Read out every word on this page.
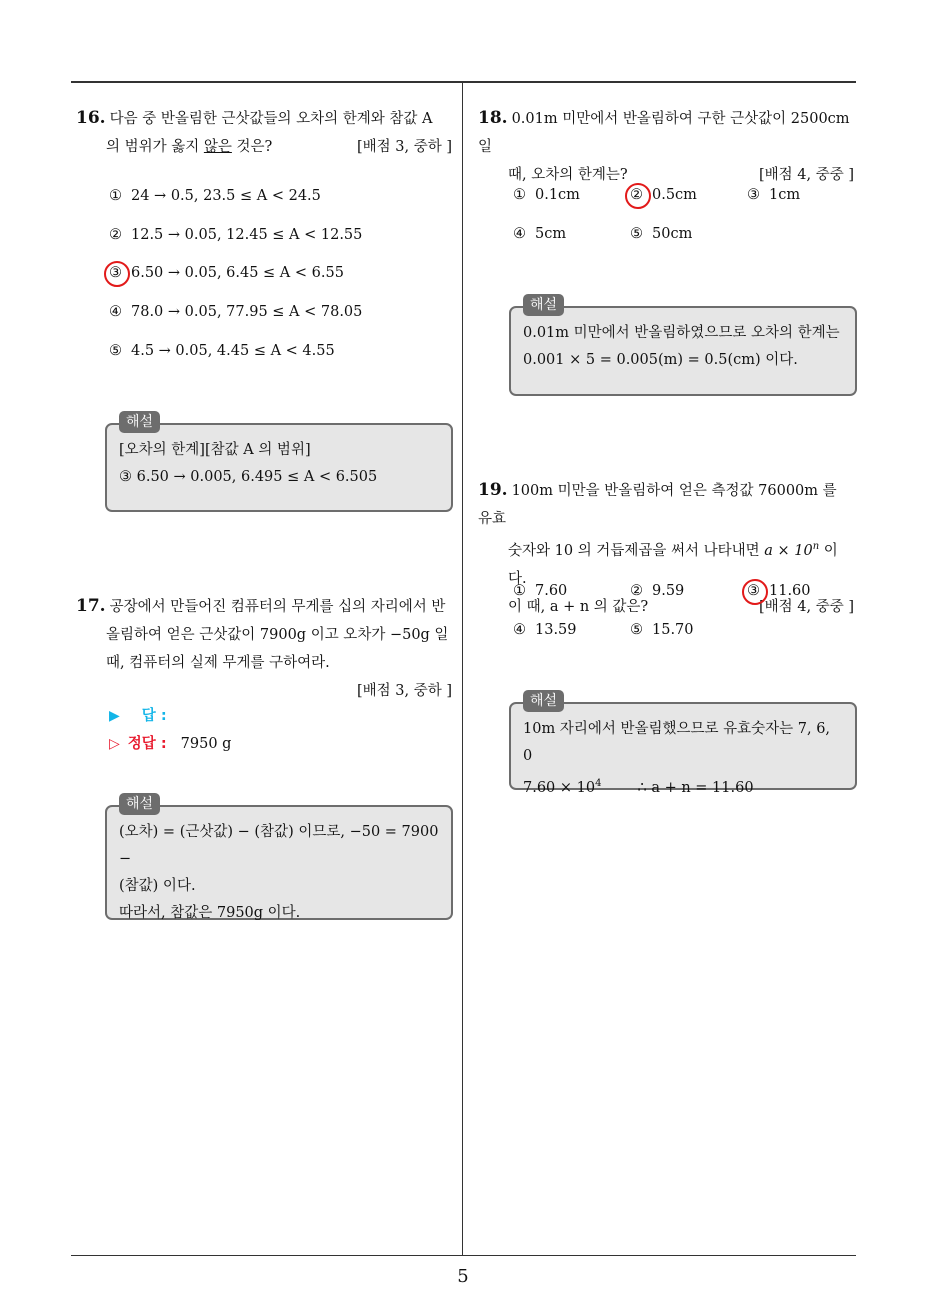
16. 다음 중 반올림한 근삿값들의 오차의 한계와 참값 A
의 범위가 옳지 않은 것은?	[배점 3, 중하 ]
① 24 → 0.5, 23.5 ≤ A < 24.5
② 12.5 → 0.05, 12.45 ≤ A < 12.55
③ 6.50 → 0.05, 6.45 ≤ A < 6.55
④ 78.0 → 0.05, 77.95 ≤ A < 78.05
⑤ 4.5 → 0.05, 4.45 ≤ A < 4.55
해설
[오차의 한계][참값 A 의 범위]
③ 6.50 → 0.005, 6.495 ≤ A < 6.505
17. 공장에서 만들어진 컴퓨터의 무게를 십의 자리에서 반
올림하여 얻은 근삿값이 7900g 이고 오차가 −50g 일
때, 컴퓨터의 실제 무게를 구하여라.
[배점 3, 중하 ]
▶ 답 :
▷ 정답 : 7950 g
해설
(오차) = (근삿값) − (참값) 이므로, −50 = 7900 −
(참값) 이다.
따라서, 참값은 7950g 이다.
18. 0.01m 미만에서 반올림하여 구한 근삿값이 2500cm 일
때, 오차의 한계는?	[배점 4, 중중 ]
① 0.1cm	② 0.5cm	③ 1cm
④ 5cm	⑤ 50cm
해설
0.01m 미만에서 반올림하였으므로 오차의 한계는
0.001 × 5 = 0.005(m) = 0.5(cm) 이다.
19. 100m 미만을 반올림하여 얻은 측정값 76000m 를 유효
숫자와 10 의 거듭제곱을 써서 나타내면 $a \times 10^n$ 이다.
이 때, a + n 의 값은?	[배점 4, 중중 ]
① 7.60	② 9.59	③ 11.60
④ 13.59	⑤ 15.70
해설
10m 자리에서 반올림했으므로 유효숫자는 7, 6, 0
$7.60 \times 10^4$ ∴ a + n = 11.60
5
